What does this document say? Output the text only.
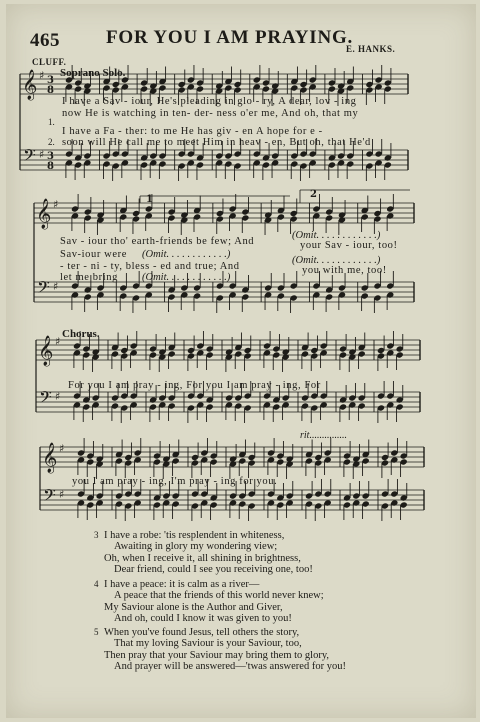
𝄞
𝄢
♯
♯
3
8
3
8
𝄞
𝄢
♯
♯
𝄞
𝄢
♯
♯
𝄞
𝄢
♯
♯
1	2
465 FOR YOU I AM PRAYING.
E. HANKS.
CLUFF.
Soprano Solo.
Chorus.
rit...............
1.
2.
I have a Sav - iour, He's pleading in glo - ry, A dear, lov - ing
now He is watching in ten- der- ness o'er me, And oh, that my
I have a Fa - ther: to me He has giv - en A hope for e -
soon will He call me to meet Him in heav - en, But oh, that He'd
Sav - iour tho' earth-friends be few; And
(Omit. . . . . . . . . . . .)
your Sav - iour, too!
Sav-iour were (Omit. . . . . . . . . . . .)
- ter - ni - ty, bless - ed and true; And
(Omit. . . . . . . . . . . .)
you with me, too!
let me bring (Omit. . . . . . . . . . . .)
For you I am pray - ing, For you I am pray - ing, For
you I am pray - ing, I'm pray - ing for you.
3 I have a robe: 'tis resplendent in whiteness,
Awaiting in glory my wondering view;
Oh, when I receive it, all shining in brightness,
Dear friend, could I see you receiving one, too!
4 I have a peace: it is calm as a river—
A peace that the friends of this world never knew;
My Saviour alone is the Author and Giver,
And oh, could I know it was given to you!
5 When you've found Jesus, tell others the story,
That my loving Saviour is your Saviour, too,
Then pray that your Saviour may bring them to glory,
And prayer will be answered—'twas answered for you!
